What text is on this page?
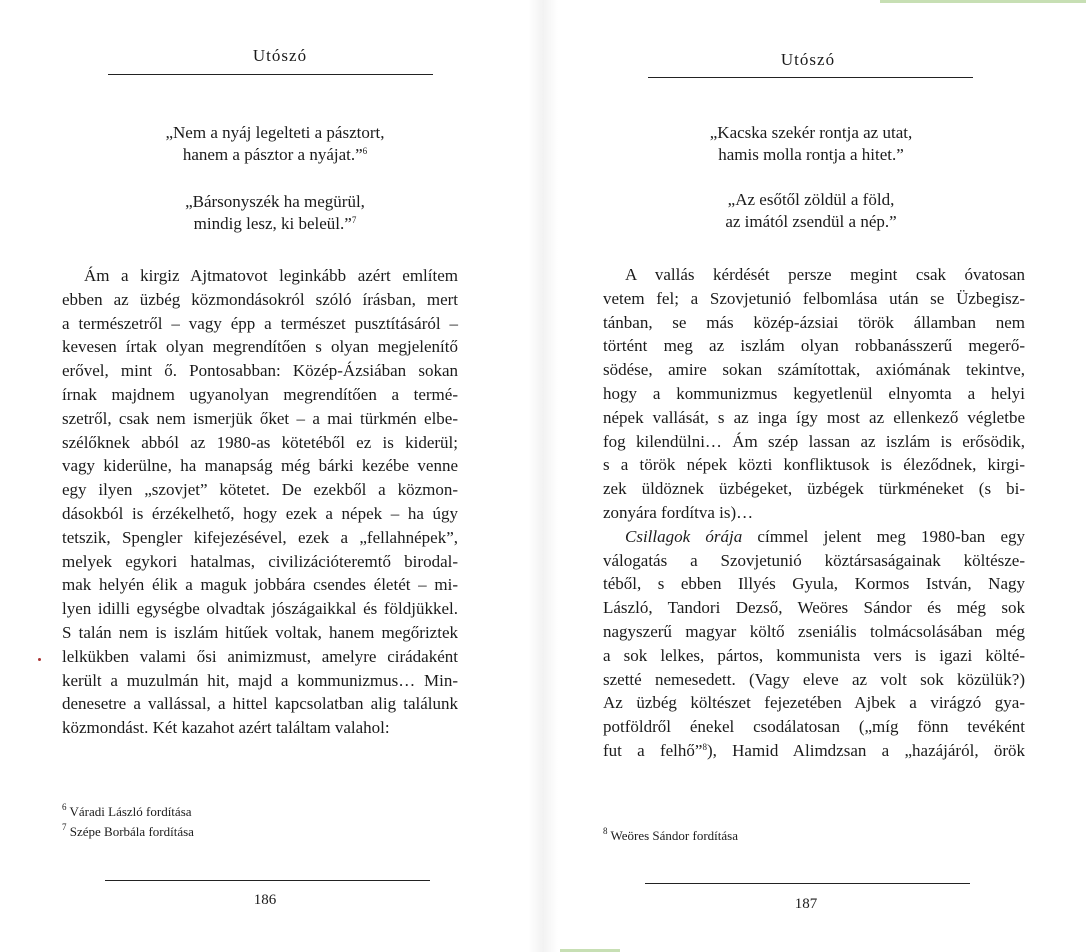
Utószó
„Nem a nyáj legelteti a pásztort,
hanem a pásztor a nyájat.”$^6$
„Bársonyszék ha megürül,
mindig lesz, ki beleül.”$^7$
Ám a kirgiz Ajtmatovot leginkább azért említem
ebben az üzbég közmondásokról szóló írásban, mert
a természetről – vagy épp a természet pusztításáról –
kevesen írtak olyan megrendítően s olyan megjelenítő
erővel, mint ő. Pontosabban: Közép-Ázsiában sokan
írnak majdnem ugyanolyan megrendítően a termé-
szetről, csak nem ismerjük őket – a mai türkmén elbe-
szélőknek abból az 1980-as kötetéből ez is kiderül;
vagy kiderülne, ha manapság még bárki kezébe venne
egy ilyen „szovjet” kötetet. De ezekből a közmon-
dásokból is érzékelhető, hogy ezek a népek – ha úgy
tetszik, Spengler kifejezésével, ezek a „fellahnépek”,
melyek egykori hatalmas, civilizációteremtő birodal-
mak helyén élik a maguk jobbára csendes életét – mi-
lyen idilli egységbe olvadtak jószágaikkal és földjükkel.
S talán nem is iszlám hitűek voltak, hanem megőriztek
lelkükben valami ősi animizmust, amelyre cirádaként
került a muzulmán hit, majd a kommunizmus… Min-
denesetre a vallással, a hittel kapcsolatban alig találunk
közmondást. Két kazahot azért találtam valahol:
$^6$ Váradi László fordítása
$^7$ Szépe Borbála fordítása
186
Utószó
„Kacska szekér rontja az utat,
hamis molla rontja a hitet.”
„Az esőtől zöldül a föld,
az imától zsendül a nép.”
A vallás kérdését persze megint csak óvatosan
vetem fel; a Szovjetunió felbomlása után se Üzbegisz-
tánban, se más közép-ázsiai török államban nem
történt meg az iszlám olyan robbanásszerű megerő-
södése, amire sokan számítottak, axiómának tekintve,
hogy a kommunizmus kegyetlenül elnyomta a helyi
népek vallását, s az inga így most az ellenkező végletbe
fog kilendülni… Ám szép lassan az iszlám is erősödik,
s a török népek közti konfliktusok is éleződnek, kirgi-
zek üldöznek üzbégeket, üzbégek türkméneket (s bi-
zonyára fordítva is)…
Csillagok órája címmel jelent meg 1980-ban egy
válogatás a Szovjetunió köztársaságainak költésze-
téből, s ebben Illyés Gyula, Kormos István, Nagy
László, Tandori Dezső, Weöres Sándor és még sok
nagyszerű magyar költő zseniális tolmácsolásában még
a sok lelkes, pártos, kommunista vers is igazi költé-
szetté nemesedett. (Vagy eleve az volt sok közülük?)
Az üzbég költészet fejezetében Ajbek a virágzó gya-
potföldről énekel csodálatosan („míg fönn tevéként
fut a felhő”$^8$), Hamid Alimdzsan a „hazájáról, örök
$^8$ Weöres Sándor fordítása
187
